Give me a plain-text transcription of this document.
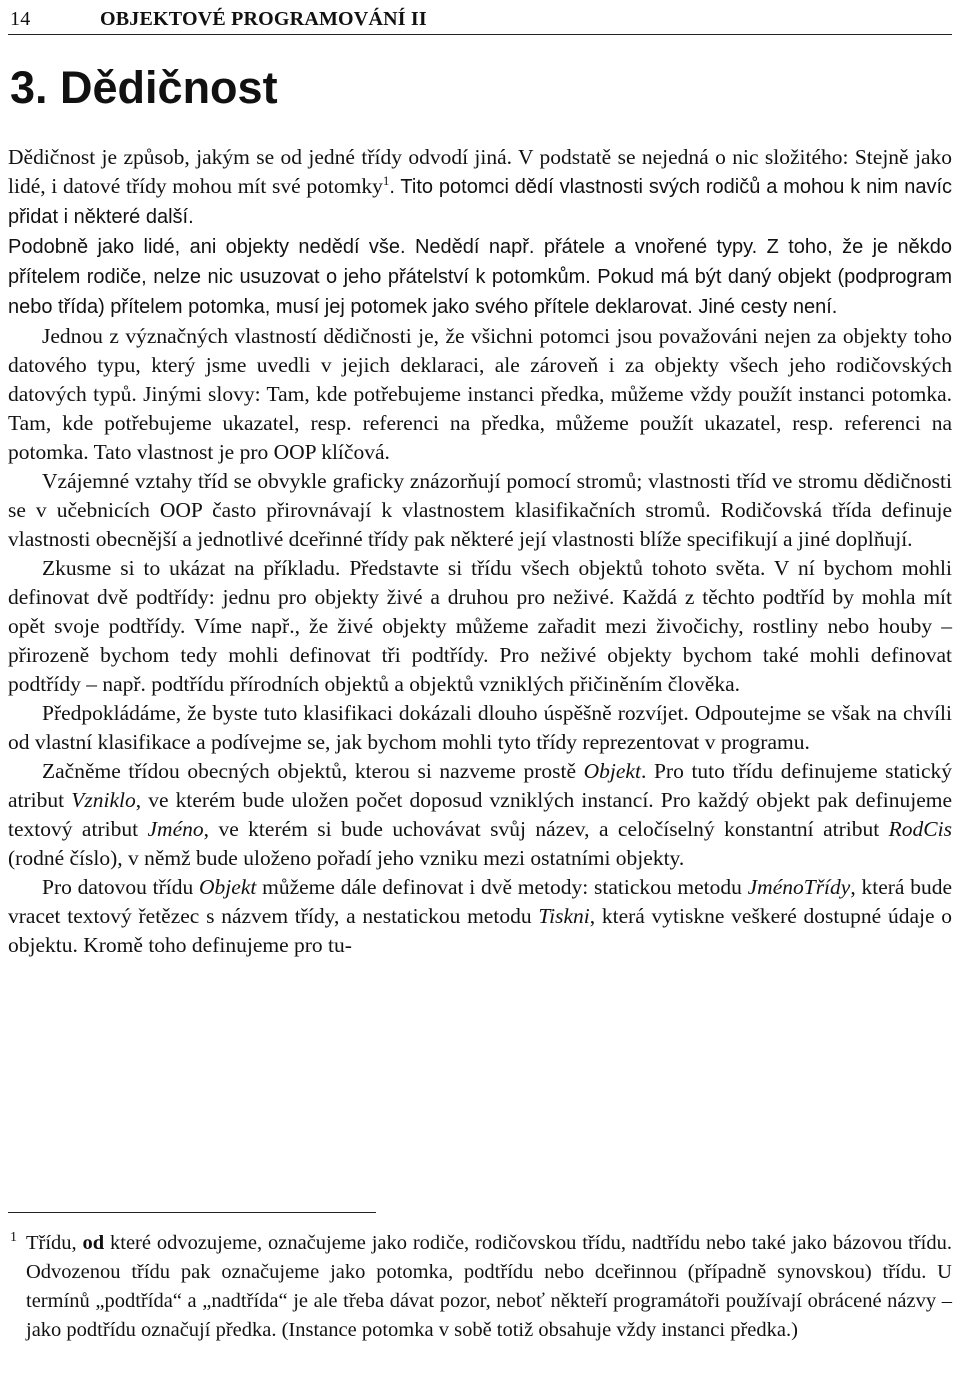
14	OBJEKTOVÉ PROGRAMOVÁNÍ II
3. Dědičnost

Dědičnost je způsob, jakým se od jedné třídy odvodí jiná. V podstatě se nejedná o nic složitého: Stejně jako lidé, i datové třídy mohou mít své potomky$^1$. Tito potomci dědí vlastnosti svých rodičů a mohou k nim navíc přidat i některé další.
Podobně jako lidé, ani objekty nedědí vše. Nedědí např. přátele a vnořené typy. Z toho, že je někdo přítelem rodiče, nelze nic usuzovat o jeho přátelství k potomkům. Pokud má být daný objekt (podprogram nebo třída) přítelem potomka, musí jej potomek jako svého přítele deklarovat. Jiné cesty není.

Jednou z význačných vlastností dědičnosti je, že všichni potomci jsou považováni nejen za objekty toho datového typu, který jsme uvedli v jejich deklaraci, ale zároveň i za objekty všech jeho rodičovských datových typů. Jinými slovy: Tam, kde potřebujeme instanci předka, můžeme vždy použít instanci potomka. Tam, kde potřebujeme ukazatel, resp. referenci na předka, můžeme použít ukazatel, resp. referenci na potomka. Tato vlastnost je pro OOP klíčová.

Vzájemné vztahy tříd se obvykle graficky znázorňují pomocí stromů; vlastnosti tříd ve stromu dědičnosti se v učebnicích OOP často přirovnávají k vlastnostem klasifikačních stromů. Rodičovská třída definuje vlastnosti obecnější a jednotlivé dceřinné třídy pak některé její vlastnosti blíže specifikují a jiné doplňují.

Zkusme si to ukázat na příkladu. Představte si třídu všech objektů tohoto světa. V ní bychom mohli definovat dvě podtřídy: jednu pro objekty živé a druhou pro neživé. Každá z těchto podtříd by mohla mít opět svoje podtřídy. Víme např., že živé objekty můžeme zařadit mezi živočichy, rostliny nebo houby – přirozeně bychom tedy mohli definovat tři podtřídy. Pro neživé objekty bychom také mohli definovat podtřídy – např. podtřídu přírodních objektů a objektů vzniklých přičiněním člověka.

Předpokládáme, že byste tuto klasifikaci dokázali dlouho úspěšně rozvíjet. Odpoutejme se však na chvíli od vlastní klasifikace a podívejme se, jak bychom mohli tyto třídy reprezentovat v programu.

Začněme třídou obecných objektů, kterou si nazveme prostě Objekt. Pro tuto třídu definujeme statický atribut Vzniklo, ve kterém bude uložen počet doposud vzniklých instancí. Pro každý objekt pak definujeme textový atribut Jméno, ve kterém si bude uchovávat svůj název, a celočíselný konstantní atribut RodCis (rodné číslo), v němž bude uloženo pořadí jeho vzniku mezi ostatními objekty.

Pro datovou třídu Objekt můžeme dále definovat i dvě metody: statickou metodu JménoTřídy, která bude vracet textový řetězec s názvem třídy, a nestatickou metodu Tiskni, která vytiskne veškeré dostupné údaje o objektu. Kromě toho definujeme pro tu-

1 Třídu, od které odvozujeme, označujeme jako rodiče, rodičovskou třídu, nadtřídu nebo také jako bázovou třídu. Odvozenou třídu pak označujeme jako potomka, podtřídu nebo dceřinnou (případně synovskou) třídu. U termínů „podtřída“ a „nadtřída“ je ale třeba dávat pozor, neboť někteří programátoři používají obrácené názvy – jako podtřídu označují předka. (Instance potomka v sobě totiž obsahuje vždy instanci předka.)
